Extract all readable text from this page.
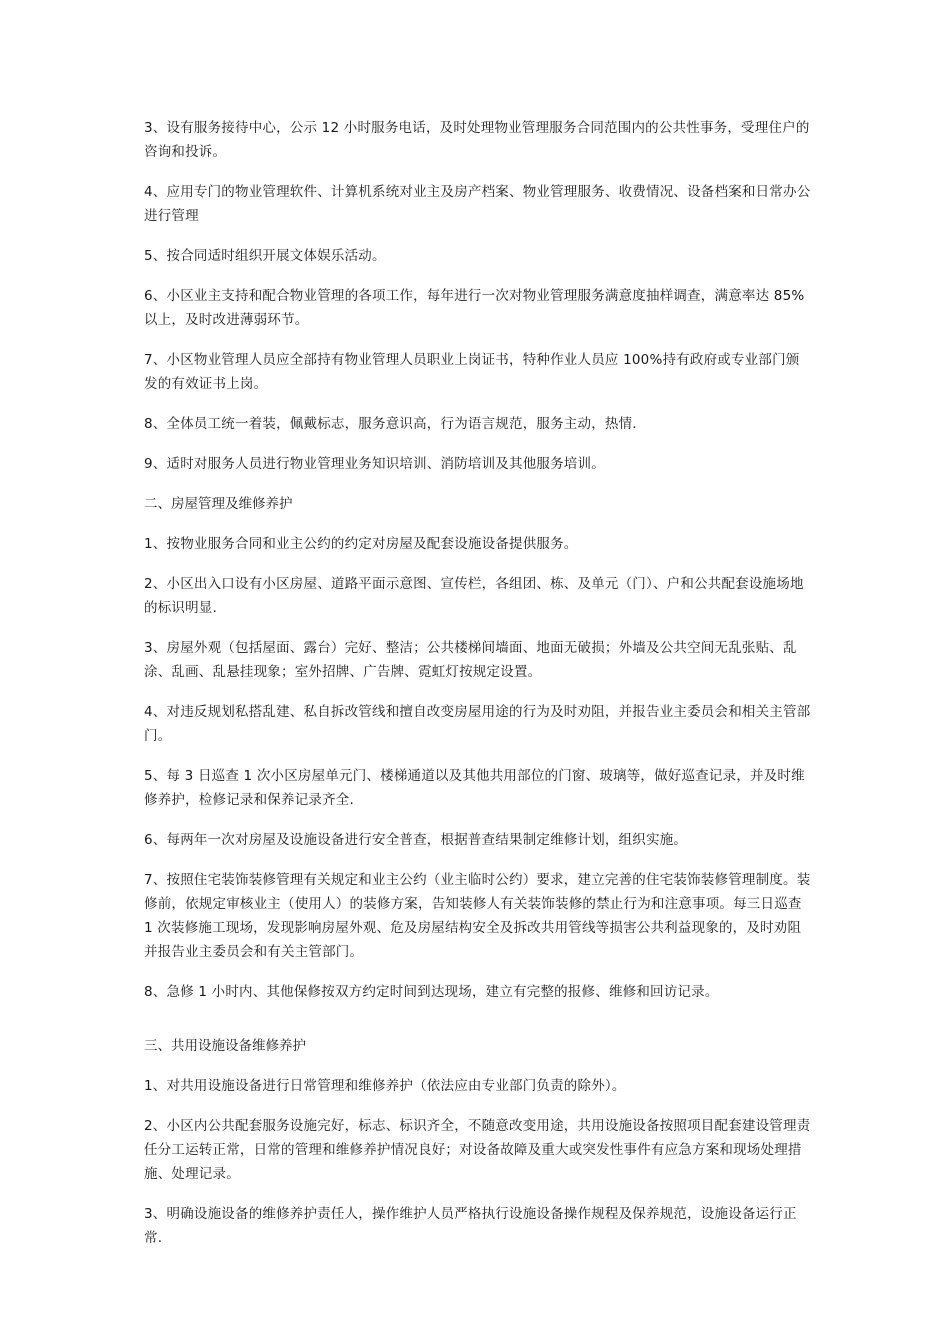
3、设有服务接待中心，公示 12 小时服务电话，及时处理物业管理服务合同范围内的公共性事务，受理住户的咨询和投诉。

4、应用专门的物业管理软件、计算机系统对业主及房产档案、物业管理服务、收费情况、设备档案和日常办公进行管理

5、按合同适时组织开展文体娱乐活动。

6、小区业主支持和配合物业管理的各项工作，每年进行一次对物业管理服务满意度抽样调查，满意率达 85%以上，及时改进薄弱环节。

7、小区物业管理人员应全部持有物业管理人员职业上岗证书，特种作业人员应 100%持有政府或专业部门颁发的有效证书上岗。

8、全体员工统一着装，佩戴标志，服务意识高，行为语言规范，服务主动，热情.

9、适时对服务人员进行物业管理业务知识培训、消防培训及其他服务培训。

二、房屋管理及维修养护

1、按物业服务合同和业主公约的约定对房屋及配套设施设备提供服务。

2、小区出入口设有小区房屋、道路平面示意图、宣传栏，各组团、栋、及单元（门）、户和公共配套设施场地的标识明显.

3、房屋外观（包括屋面、露台）完好、整洁；公共楼梯间墙面、地面无破损；外墙及公共空间无乱张贴、乱涂、乱画、乱悬挂现象；室外招牌、广告牌、霓虹灯按规定设置。

4、对违反规划私搭乱建、私自拆改管线和擅自改变房屋用途的行为及时劝阻，并报告业主委员会和相关主管部门。

5、每 3 日巡查 1 次小区房屋单元门、楼梯通道以及其他共用部位的门窗、玻璃等，做好巡查记录，并及时维修养护，检修记录和保养记录齐全.

6、每两年一次对房屋及设施设备进行安全普查，根据普查结果制定维修计划，组织实施。

7、按照住宅装饰装修管理有关规定和业主公约（业主临时公约）要求，建立完善的住宅装饰装修管理制度。装修前，依规定审核业主（使用人）的装修方案，告知装修人有关装饰装修的禁止行为和注意事项。每三日巡查 1 次装修施工现场，发现影响房屋外观、危及房屋结构安全及拆改共用管线等损害公共利益现象的，及时劝阻并报告业主委员会和有关主管部门。

8、急修 1 小时内、其他保修按双方约定时间到达现场，建立有完整的报修、维修和回访记录。

三、共用设施设备维修养护

1、对共用设施设备进行日常管理和维修养护（依法应由专业部门负责的除外）。

2、小区内公共配套服务设施完好，标志、标识齐全，不随意改变用途，共用设施设备按照项目配套建设管理责任分工运转正常，日常的管理和维修养护情况良好；对设备故障及重大或突发性事件有应急方案和现场处理措施、处理记录。

3、明确设施设备的维修养护责任人，操作维护人员严格执行设施设备操作规程及保养规范，设施设备运行正常.
